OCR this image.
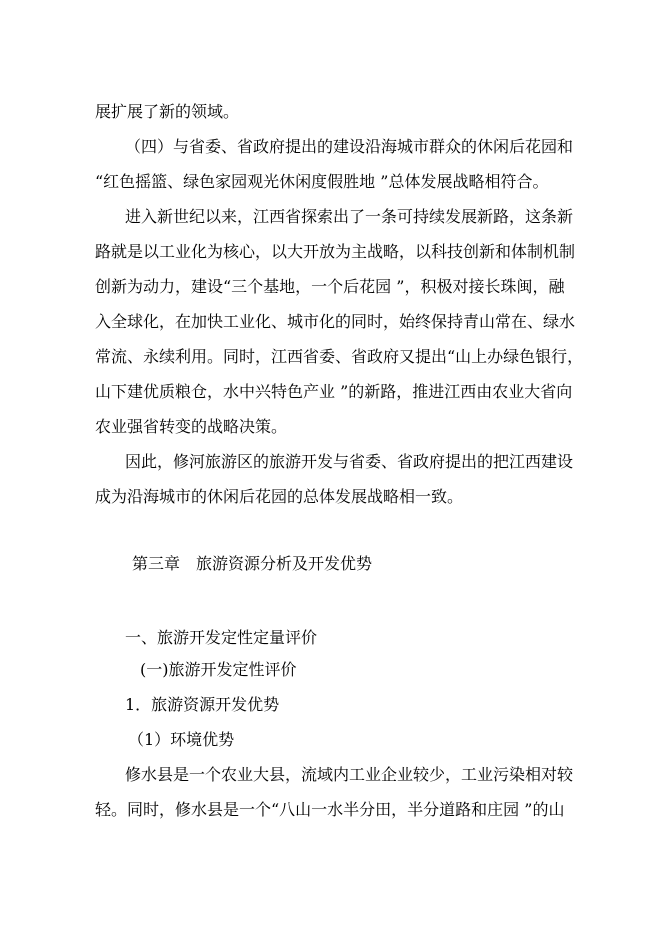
展扩展了新的领域。
（四）与省委、省政府提出的建设沿海城市群众的休闲后花园和
“红色摇篮、绿色家园观光休闲度假胜地 ”总体发展战略相符合。
进入新世纪以来，江西省探索出了一条可持续发展新路，这条新
路就是以工业化为核心，以大开放为主战略，以科技创新和体制机制
创新为动力，建设“三个基地，一个后花园 ”，积极对接长珠闽，融
入全球化，在加快工业化、城市化的同时，始终保持青山常在、绿水
常流、永续利用。同时，江西省委、省政府又提出“山上办绿色银行，
山下建优质粮仓，水中兴特色产业 ”的新路，推进江西由农业大省向
农业强省转变的战略决策。
因此，修河旅游区的旅游开发与省委、省政府提出的把江西建设
成为沿海城市的休闲后花园的总体发展战略相一致。
第三章　旅游资源分析及开发优势
一、旅游开发定性定量评价
(一)旅游开发定性评价
1．旅游资源开发优势
（1）环境优势
修水县是一个农业大县，流域内工业企业较少，工业污染相对较
轻。同时，修水县是一个“八山一水半分田，半分道路和庄园 ”的山
